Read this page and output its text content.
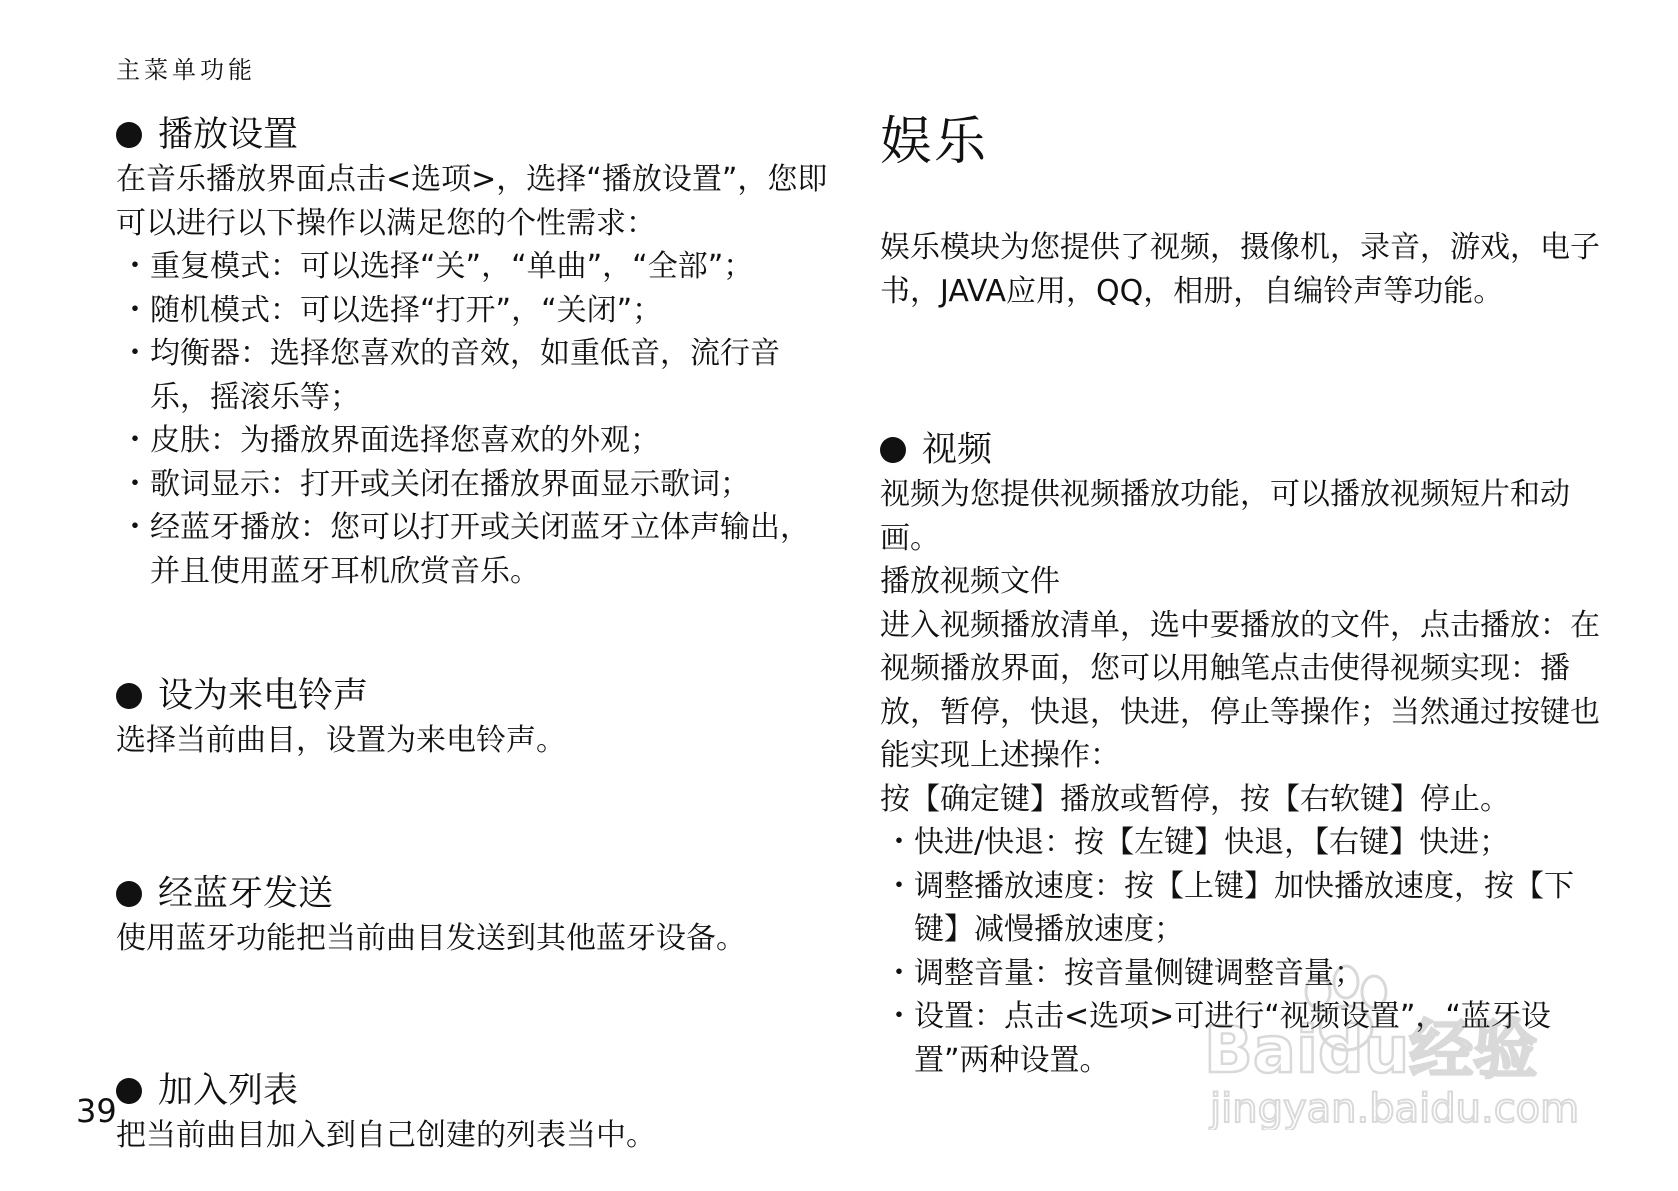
主菜单功能
播放设置

在音乐播放界面点击<选项>，选择“播放设置”，您即可以进行以下操作以满足您的个性需求：

・ 重复模式：可以选择“关”，“单曲”，“全部”；
・ 随机模式：可以选择“打开”，“关闭”；
・ 均衡器：选择您喜欢的音效，如重低音，流行音乐，摇滚乐等；
・ 皮肤：为播放界面选择您喜欢的外观；
・ 歌词显示：打开或关闭在播放界面显示歌词；
・ 经蓝牙播放：您可以打开或关闭蓝牙立体声输出，并且使用蓝牙耳机欣赏音乐。
设为来电铃声

选择当前曲目，设置为来电铃声。

经蓝牙发送

使用蓝牙功能把当前曲目发送到其他蓝牙设备。

加入列表

把当前曲目加入到自己创建的列表当中。

娱乐

娱乐模块为您提供了视频，摄像机，录音，游戏，电子书，JAVA应用，QQ，相册，自编铃声等功能。

视频

视频为您提供视频播放功能，可以播放视频短片和动画。

播放视频文件

进入视频播放清单，选中要播放的文件，点击播放：在视频播放界面，您可以用触笔点击使得视频实现：播放，暂停，快退，快进，停止等操作；当然通过按键也能实现上述操作：

按【确定键】播放或暂停，按【右软键】停止。

・ 快进/快退：按【左键】快退，【右键】快进；
・ 调整播放速度：按【上键】加快播放速度，按【下键】减慢播放速度；
・ 调整音量：按音量侧键调整音量；
・ 设置：点击<选项>可进行“视频设置”，“蓝牙设置”两种设置。
39
Baidu经验
jingyan.baidu.com
